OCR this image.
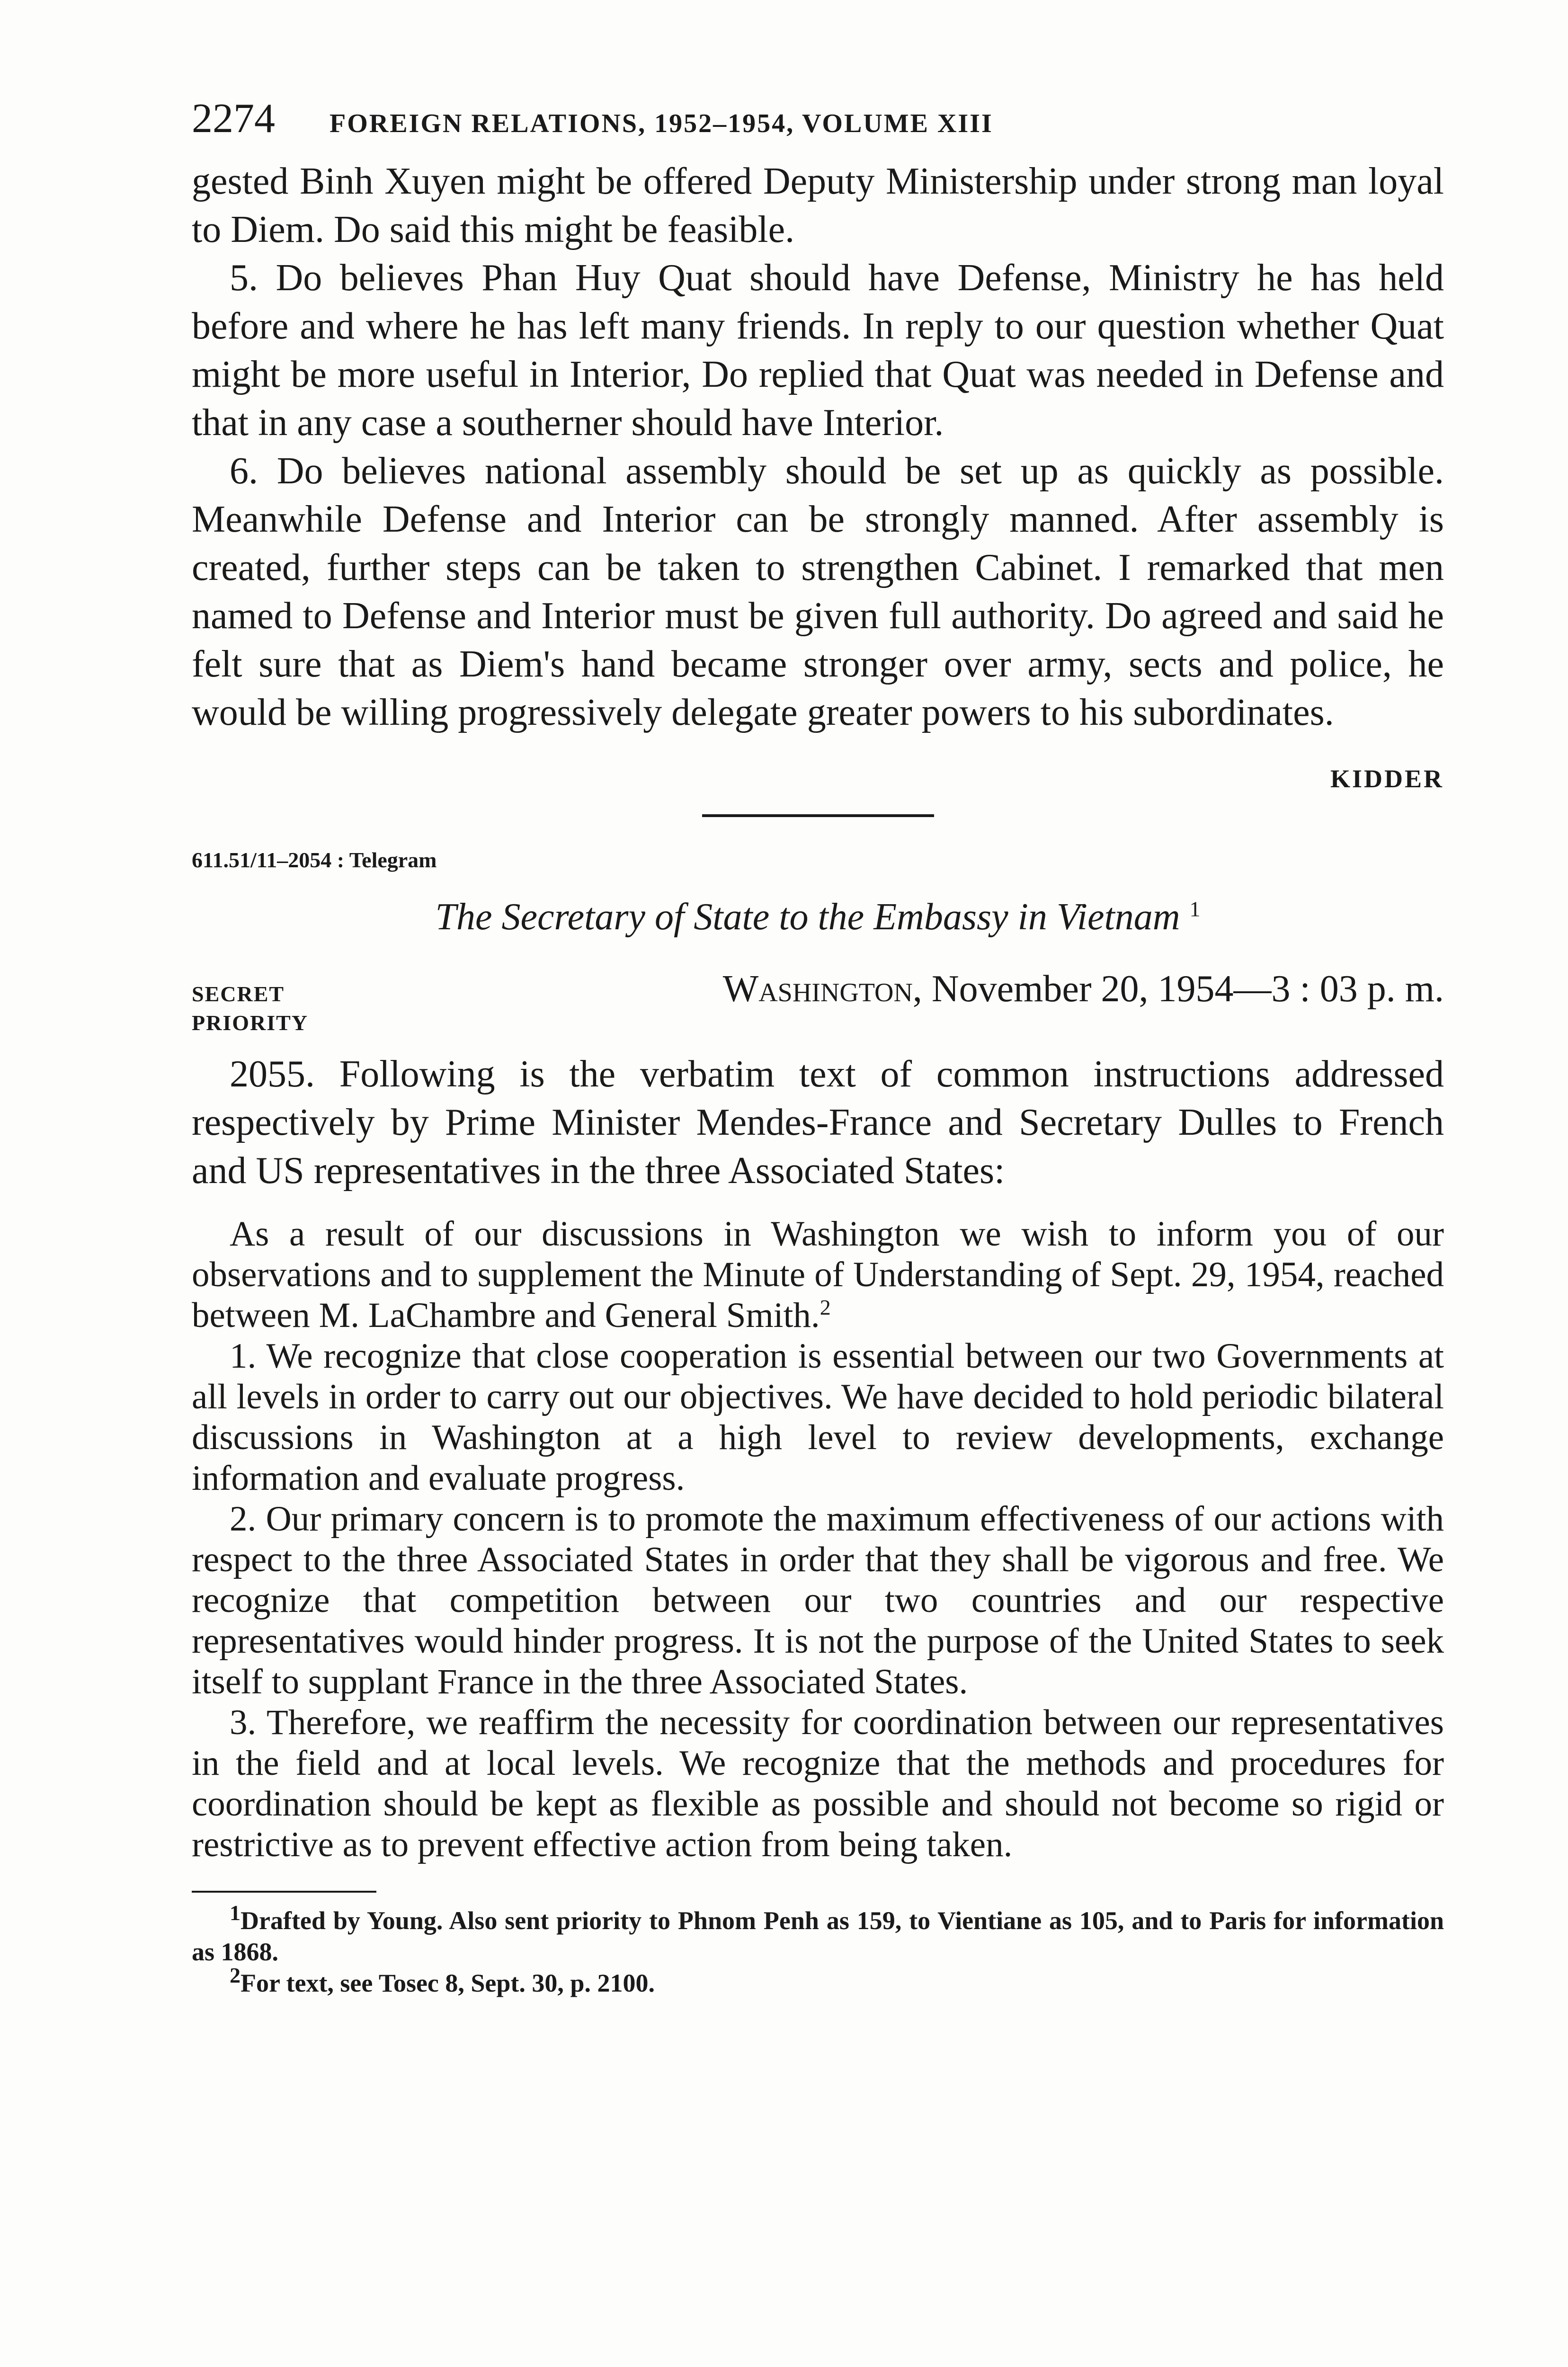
2274 FOREIGN RELATIONS, 1952–1954, VOLUME XIII

gested Binh Xuyen might be offered Deputy Ministership under strong man loyal to Diem. Do said this might be feasible.

5. Do believes Phan Huy Quat should have Defense, Ministry he has held before and where he has left many friends. In reply to our question whether Quat might be more useful in Interior, Do replied that Quat was needed in Defense and that in any case a southerner should have Interior.

6. Do believes national assembly should be set up as quickly as possible. Meanwhile Defense and Interior can be strongly manned. After assembly is created, further steps can be taken to strengthen Cabinet. I remarked that men named to Defense and Interior must be given full authority. Do agreed and said he felt sure that as Diem's hand became stronger over army, sects and police, he would be willing progressively delegate greater powers to his subordinates.

KIDDER
611.51/11–2054 : Telegram
The Secretary of State to the Embassy in Vietnam $^1$
SECRET	Washington, November 20, 1954—3 : 03 p. m.
PRIORITY

2055. Following is the verbatim text of common instructions addressed respectively by Prime Minister Mendes-France and Secretary Dulles to French and US representatives in the three Associated States:

As a result of our discussions in Washington we wish to inform you of our observations and to supplement the Minute of Understanding of Sept. 29, 1954, reached between M. LaChambre and General Smith.$^2$

1. We recognize that close cooperation is essential between our two Governments at all levels in order to carry out our objectives. We have decided to hold periodic bilateral discussions in Washington at a high level to review developments, exchange information and evaluate progress.

2. Our primary concern is to promote the maximum effectiveness of our actions with respect to the three Associated States in order that they shall be vigorous and free. We recognize that competition between our two countries and our respective representatives would hinder progress. It is not the purpose of the United States to seek itself to supplant France in the three Associated States.

3. Therefore, we reaffirm the necessity for coordination between our representatives in the field and at local levels. We recognize that the methods and procedures for coordination should be kept as flexible as possible and should not become so rigid or restrictive as to prevent effective action from being taken.

$^1$Drafted by Young. Also sent priority to Phnom Penh as 159, to Vientiane as 105, and to Paris for information as 1868.

$^2$For text, see Tosec 8, Sept. 30, p. 2100.
